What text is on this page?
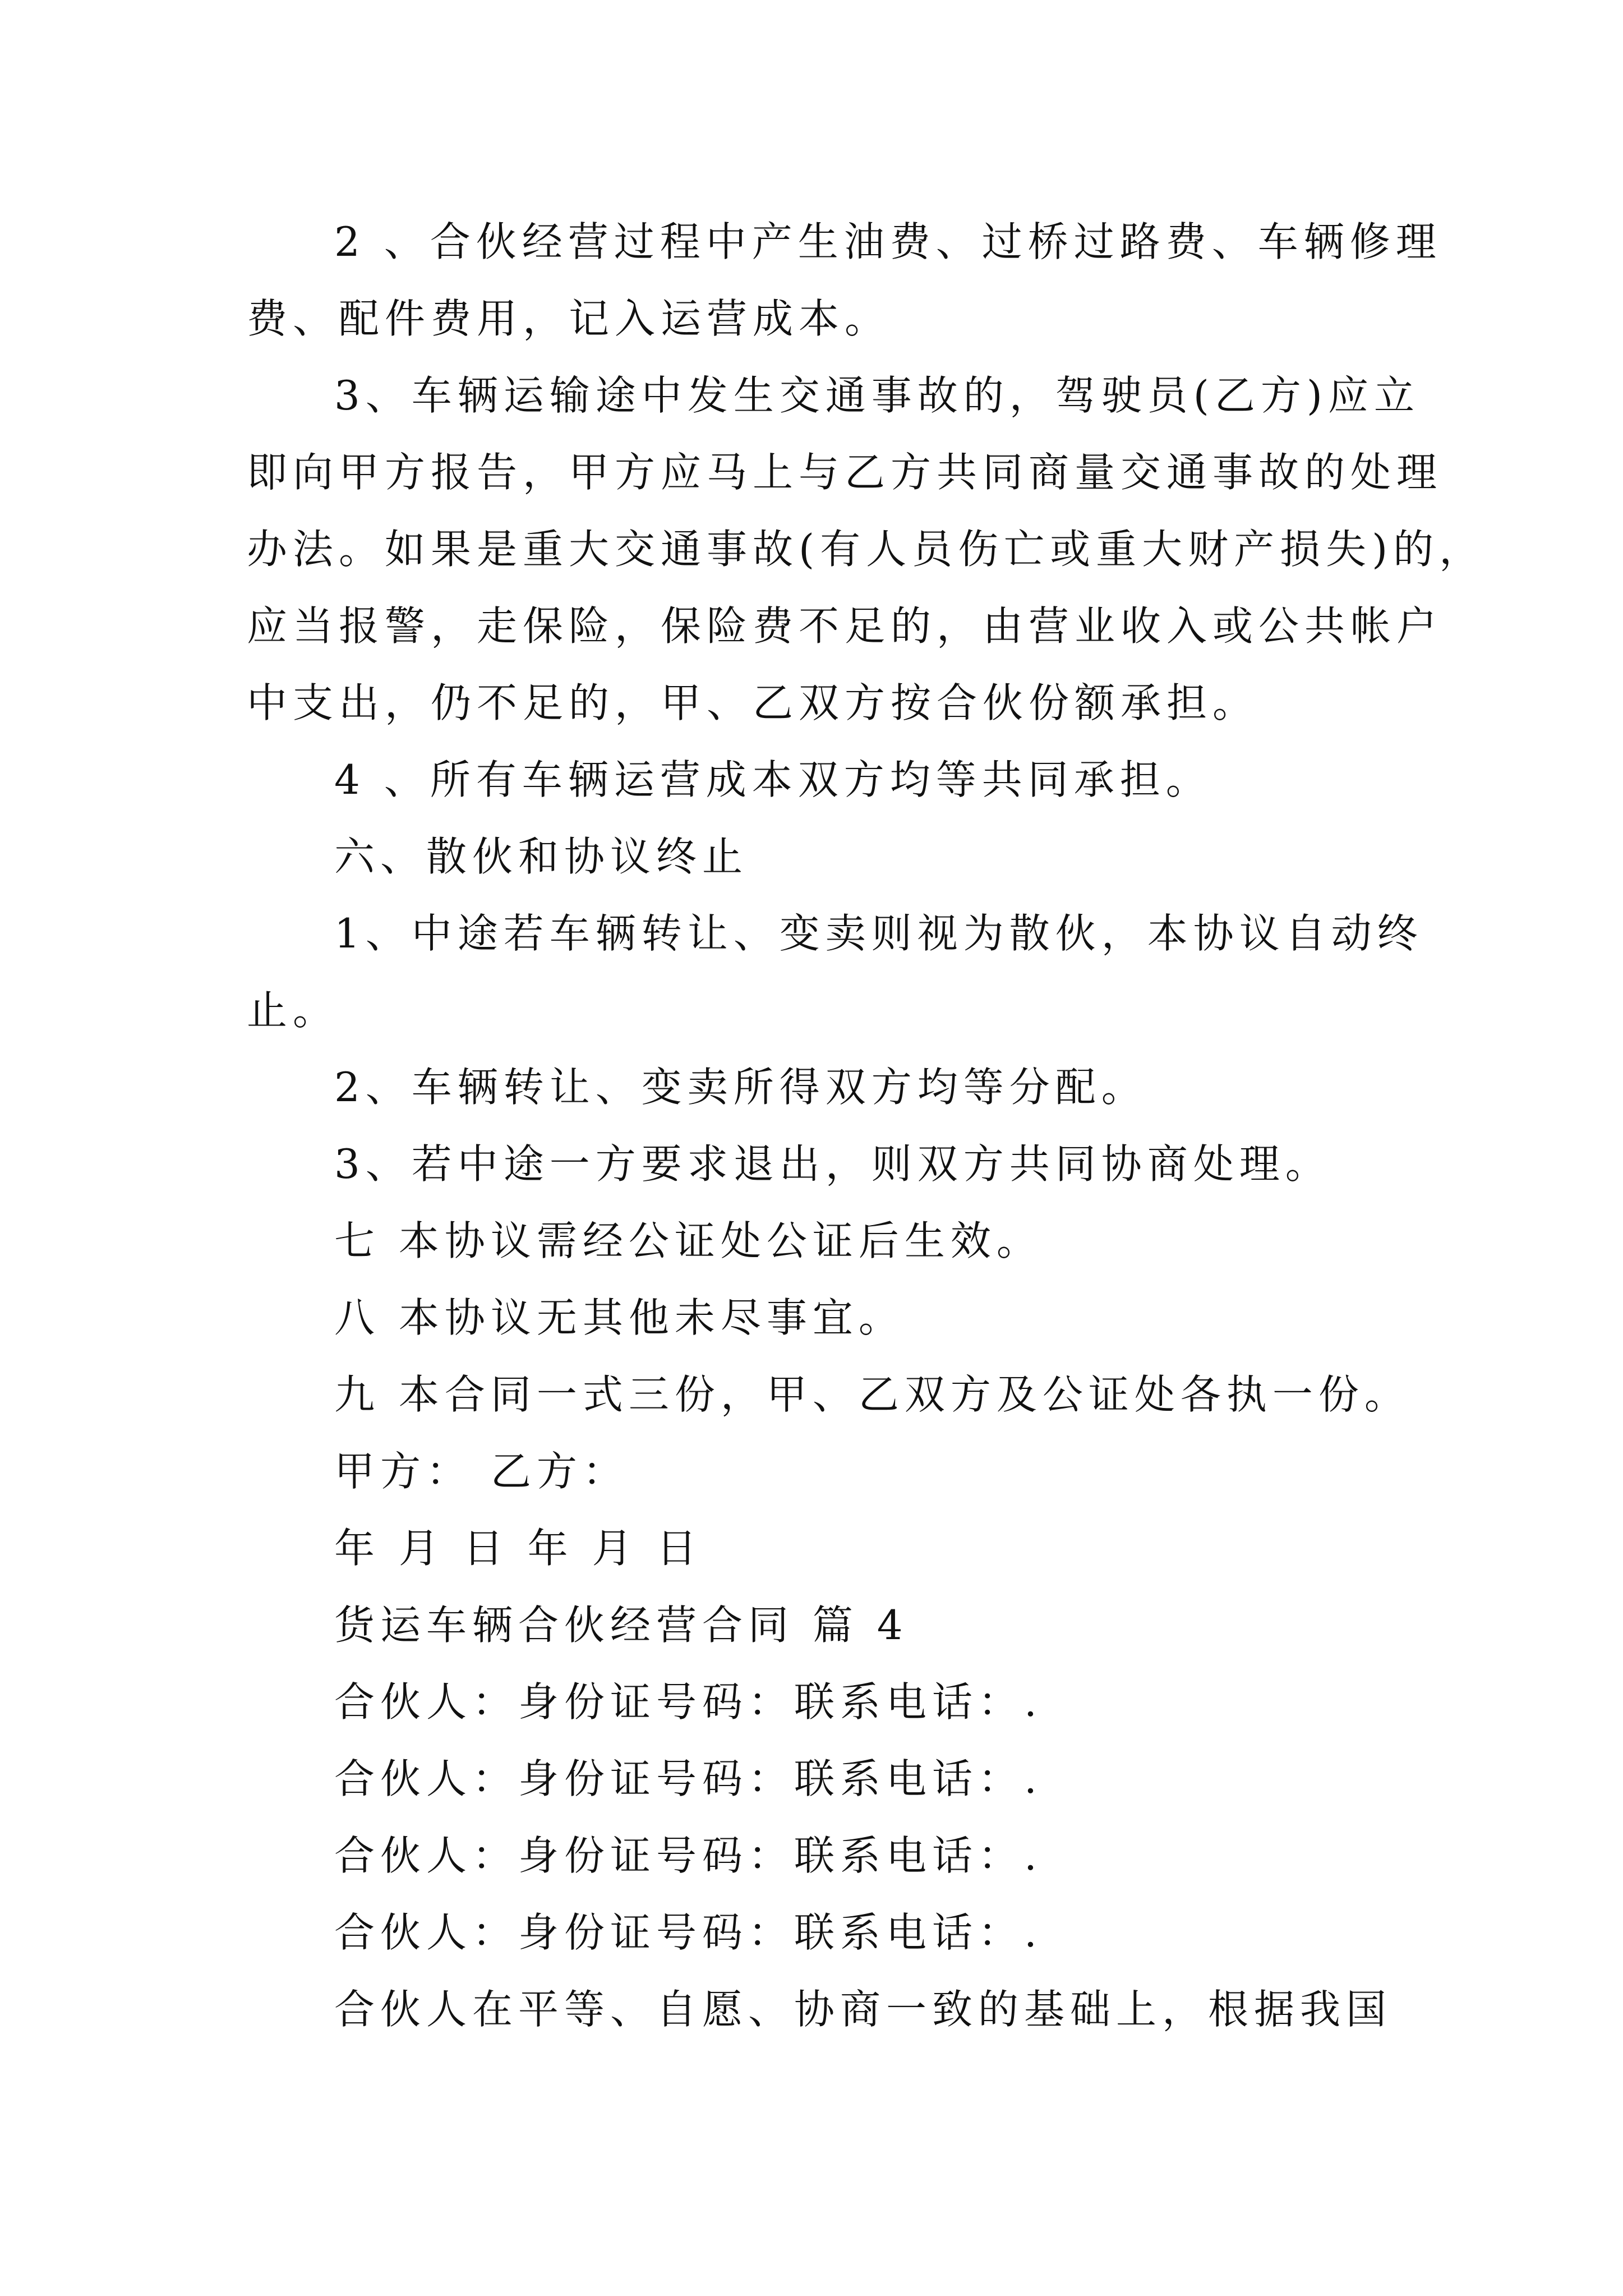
2 、合伙经营过程中产生油费、过桥过路费、车辆修理

费、配件费用，记入运营成本。

3、车辆运输途中发生交通事故的，驾驶员(乙方)应立

即向甲方报告，甲方应马上与乙方共同商量交通事故的处理

办法。如果是重大交通事故(有人员伤亡或重大财产损失)的，

应当报警，走保险，保险费不足的，由营业收入或公共帐户

中支出，仍不足的，甲、乙双方按合伙份额承担。

4 、所有车辆运营成本双方均等共同承担。

六、散伙和协议终止

1、中途若车辆转让、变卖则视为散伙，本协议自动终

止。

2、车辆转让、变卖所得双方均等分配。

3、若中途一方要求退出，则双方共同协商处理。

七 本协议需经公证处公证后生效。

八 本协议无其他未尽事宜。

九 本合同一式三份，甲、乙双方及公证处各执一份。

甲方： 乙方：

年 月 日 年 月 日

货运车辆合伙经营合同 篇 4

合伙人：身份证号码：联系电话：.

合伙人：身份证号码：联系电话：.

合伙人：身份证号码：联系电话：.

合伙人：身份证号码：联系电话：.

合伙人在平等、自愿、协商一致的基础上，根据我国
